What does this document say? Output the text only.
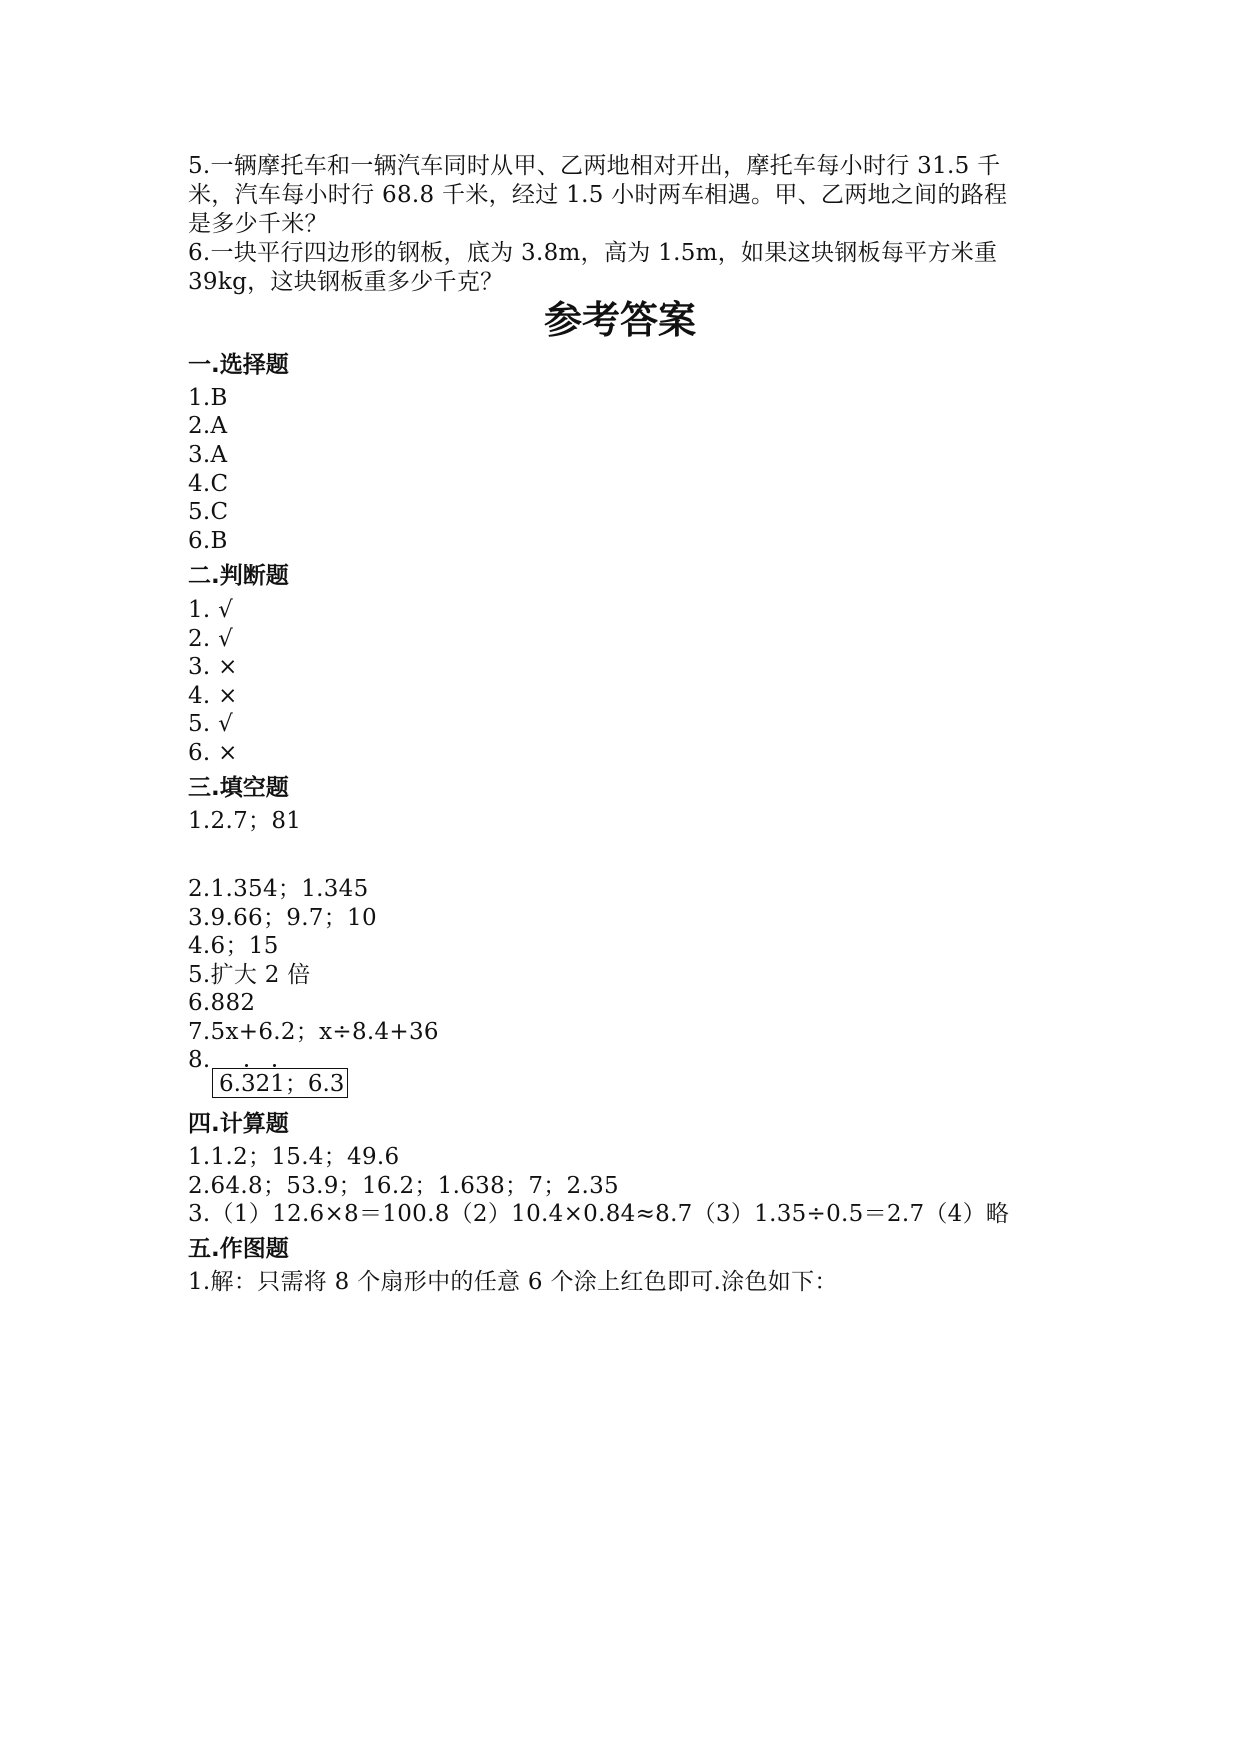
5.一辆摩托车和一辆汽车同时从甲、乙两地相对开出，摩托车每小时行 31.5 千
米，汽车每小时行 68.8 千米，经过 1.5 小时两车相遇。甲、乙两地之间的路程
是多少千米？
6.一块平行四边形的钢板，底为 3.8m，高为 1.5m，如果这块钢板每平方米重
39kg，这块钢板重多少千克？
参考答案
一.选择题
1.B
2.A
3.A
4.C
5.C
6.B
二.判断题
1. √
2. √
3. ×
4. ×
5. √
6. ×
三.填空题
1.2.7；81
2.1.354；1.345
3.9.66；9.7；10
4.6；15
5.扩大 2 倍
6.882
7.5x+6.2；x÷8.4+36
8.
6.321；6.3
四.计算题
1.1.2；15.4；49.6
2.64.8；53.9；16.2；1.638；7；2.35
3.（1）12.6×8＝100.8（2）10.4×0.84≈8.7（3）1.35÷0.5＝2.7（4）略
五.作图题
1.解：只需将 8 个扇形中的任意 6 个涂上红色即可.涂色如下：
